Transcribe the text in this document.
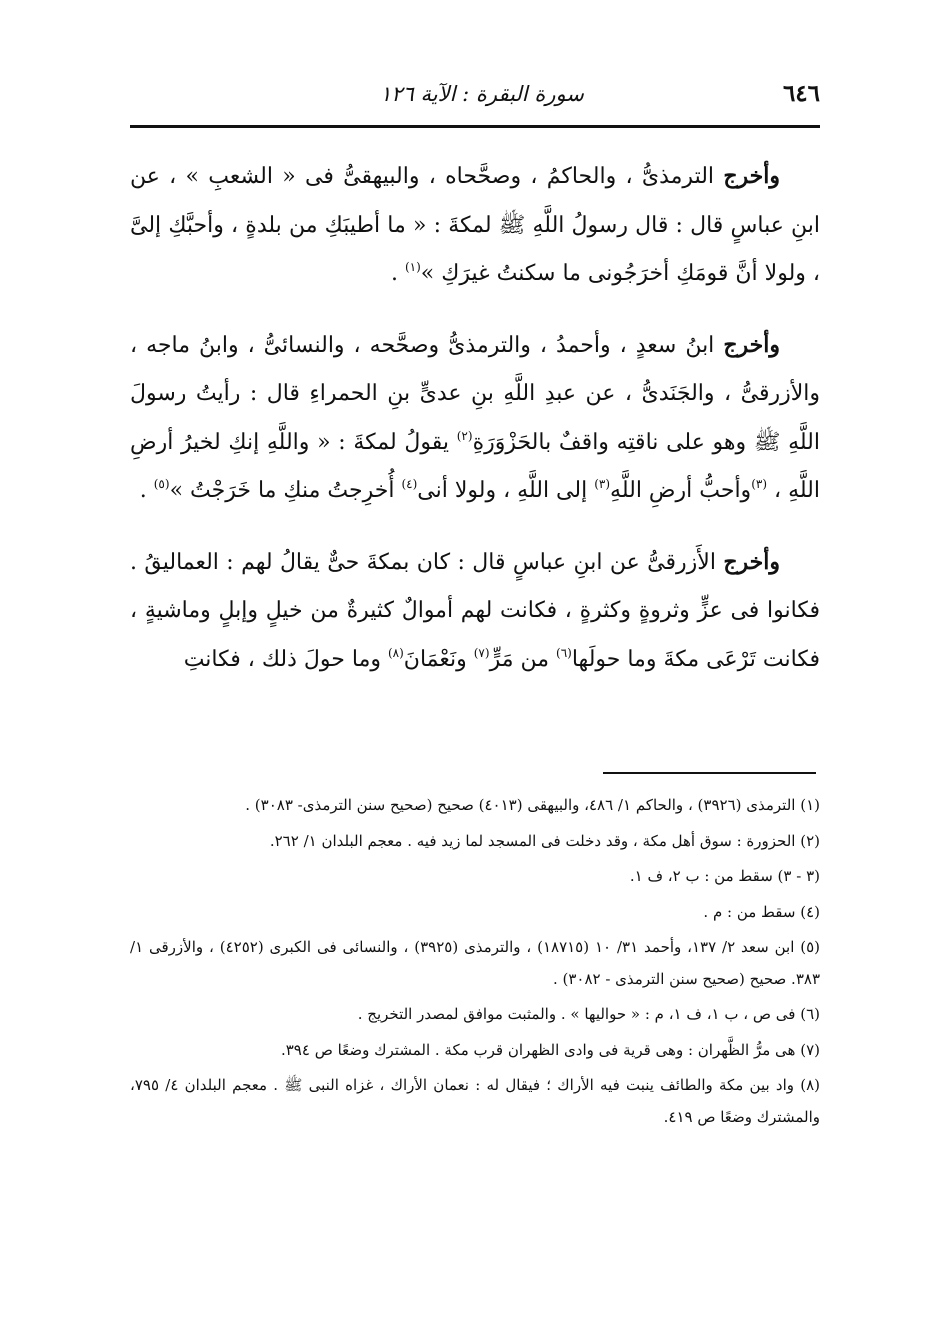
٦٤٦
سورة البقرة : الآية ١٢٦

وأخرج الترمذىُّ ، والحاكمُ ، وصحَّحاه ، والبيهقىُّ فى « الشعبِ » ، عن ابنِ عباسٍ قال : قال رسولُ اللَّهِ ﷺ لمكةَ : « ما أطيبَكِ من بلدةٍ ، وأحبَّكِ إلىَّ ، ولولا أنَّ قومَكِ أخرَجُونى ما سكنتُ غيرَكِ »$^{(١)}$ .

وأخرج ابنُ سعدٍ ، وأحمدُ ، والترمذىُّ وصحَّحه ، والنسائىُّ ، وابنُ ماجه ، والأزرقىُّ ، والجَنَدىُّ ، عن عبدِ اللَّهِ بنِ عدىٍّ بنِ الحمراءِ قال : رأيتُ رسولَ اللَّهِ ﷺ وهو على ناقتِه واقفٌ بالحَزْوَرَةِ$^{(٢)}$ يقولُ لمكةَ : « واللَّهِ إنكِ لخيرُ أرضِ اللَّهِ ، $^{(٣)}$وأحبُّ أرضِ اللَّهِ$^{(٣)}$ إلى اللَّهِ ، ولولا أنى$^{(٤)}$ أُخرِجتُ منكِ ما خَرَجْتُ »$^{(٥)}$ .

وأخرج الأَزرقىُّ عن ابنِ عباسٍ قال : كان بمكةَ حىٌّ يقالُ لهم : العماليقُ . فكانوا فى عزٍّ وثروةٍ وكثرةٍ ، فكانت لهم أموالٌ كثيرةٌ من خيلٍ وإبلٍ وماشيةٍ ، فكانت تَرْعَى مكةَ وما حولَها$^{(٦)}$ من مَرٍّ$^{(٧)}$ ونَعْمَانَ$^{(٨)}$ وما حولَ ذلك ، فكانتِ

(١) الترمذى (٣٩٢٦) ، والحاكم ١/ ٤٨٦، والبيهقى (٤٠١٣) صحيح (صحيح سنن الترمذى- ٣٠٨٣) .

(٢) الحزورة : سوق أهل مكة ، وقد دخلت فى المسجد لما زيد فيه . معجم البلدان ١/ ٢٦٢.

(٣ - ٣) سقط من : ب ٢، ف ١.

(٤) سقط من : م .

(٥) ابن سعد ٢/ ١٣٧، وأحمد ٣١/ ١٠ (١٨٧١٥) ، والترمذى (٣٩٢٥) ، والنسائى فى الكبرى (٤٢٥٢) ، والأزرقى ١/ ٣٨٣. صحيح (صحيح سنن الترمذى - ٣٠٨٢) .

(٦) فى ص ، ب ١، ف ١، م : « حواليها » . والمثبت موافق لمصدر التخريج .

(٧) هى مرُّ الظَّهران : وهى قرية فى وادى الظهران قرب مكة . المشترك وضعًا ص ٣٩٤.

(٨) واد بين مكة والطائف ينبت فيه الأراك ؛ فيقال له : نعمان الأراك ، غزاه النبى ﷺ . معجم البلدان ٤/ ٧٩٥، والمشترك وضعًا ص ٤١٩.
